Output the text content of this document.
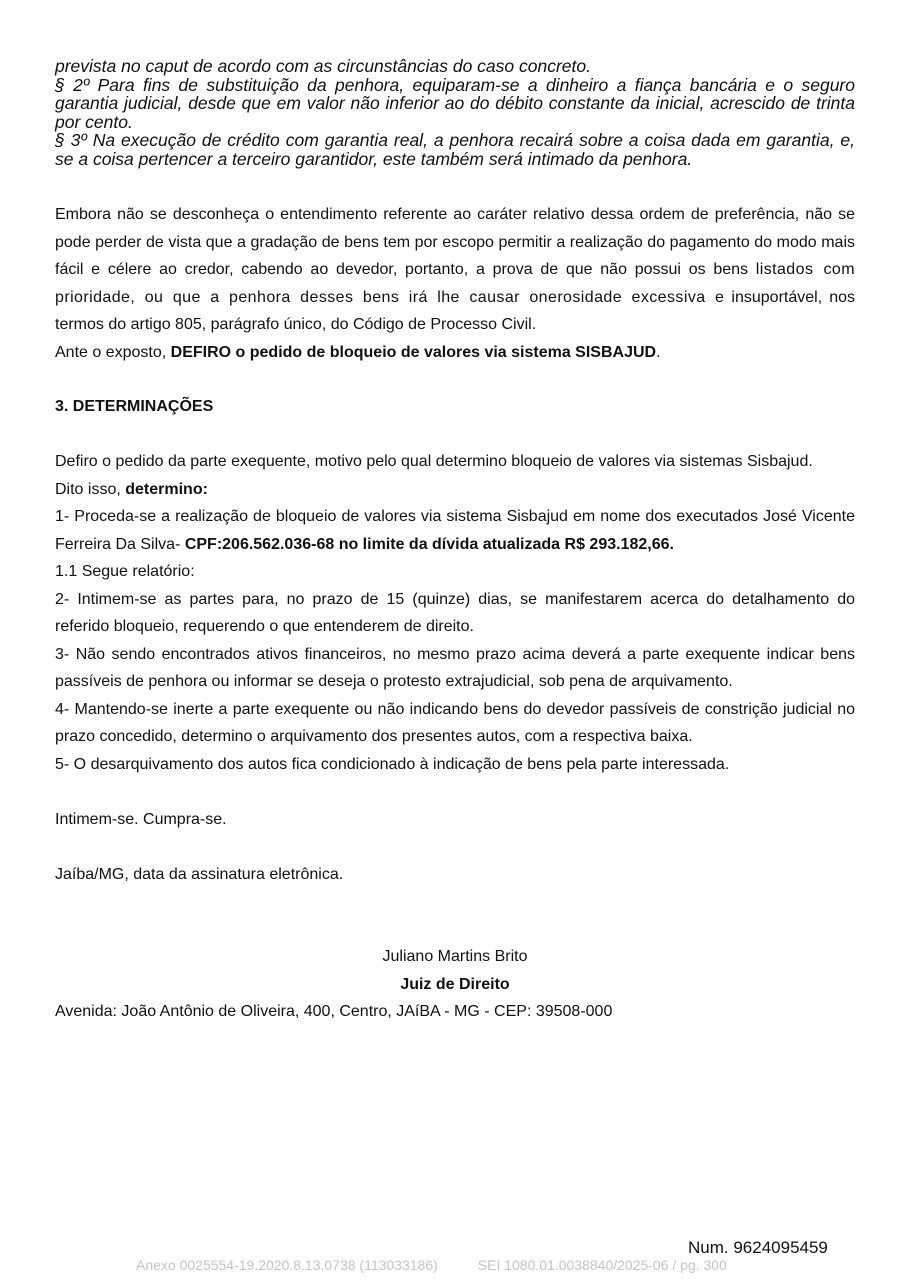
prevista no caput de acordo com as circunstâncias do caso concreto.

§ 2º Para fins de substituição da penhora, equiparam-se a dinheiro a fiança bancária e o seguro garantia judicial, desde que em valor não inferior ao do débito constante da inicial, acrescido de trinta por cento.

§ 3º Na execução de crédito com garantia real, a penhora recairá sobre a coisa dada em garantia, e, se a coisa pertencer a terceiro garantidor, este também será intimado da penhora.

Embora não se desconheça o entendimento referente ao caráter relativo dessa ordem de preferência, não se pode perder de vista que a gradação de bens tem por escopo permitir a realização do pagamento do modo mais fácil e célere ao credor, cabendo ao devedor, portanto, a prova de que não possui os bens listados com prioridade, ou que a penhora desses bens irá lhe causar onerosidade excessiva e insuportável, nos termos do artigo 805, parágrafo único, do Código de Processo Civil.

Ante o exposto, DEFIRO o pedido de bloqueio de valores via sistema SISBAJUD.

3. DETERMINAÇÕES

Defiro o pedido da parte exequente, motivo pelo qual determino bloqueio de valores via sistemas Sisbajud.

Dito isso, determino:

1- Proceda-se a realização de bloqueio de valores via sistema Sisbajud em nome dos executados José Vicente Ferreira Da Silva- CPF:206.562.036-68 no limite da dívida atualizada R$ 293.182,66.

1.1 Segue relatório:

2- Intimem-se as partes para, no prazo de 15 (quinze) dias, se manifestarem acerca do detalhamento do referido bloqueio, requerendo o que entenderem de direito.

3- Não sendo encontrados ativos financeiros, no mesmo prazo acima deverá a parte exequente indicar bens passíveis de penhora ou informar se deseja o protesto extrajudicial, sob pena de arquivamento.

4- Mantendo-se inerte a parte exequente ou não indicando bens do devedor passíveis de constrição judicial no prazo concedido, determino o arquivamento dos presentes autos, com a respectiva baixa.

5- O desarquivamento dos autos fica condicionado à indicação de bens pela parte interessada.

Intimem-se. Cumpra-se.
Jaíba/MG, data da assinatura eletrônica.
Juliano Martins Brito
Juiz de Direito
Avenida: João Antônio de Oliveira, 400, Centro, JAíBA - MG - CEP: 39508-000
Num. 9624095459
Anexo 0025554-19.2020.8.13.0738 (113033186)	SEI 1080.01.0038840/2025-06 / pg. 300
